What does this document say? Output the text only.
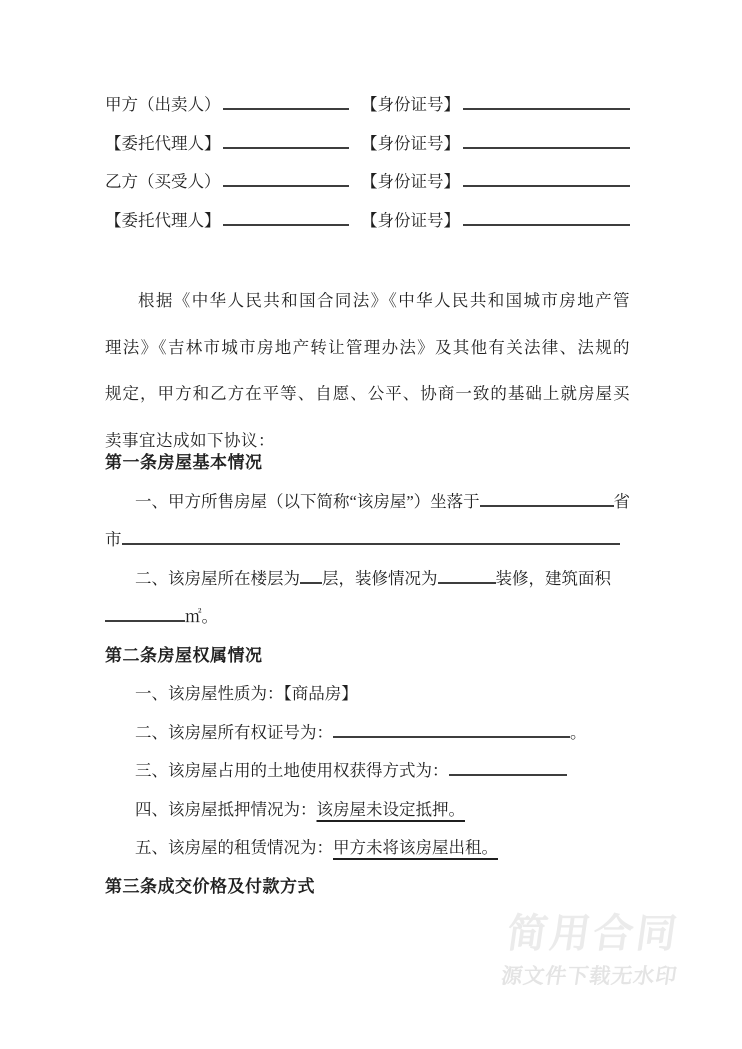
甲方（出卖人）	【身份证号】
【委托代理人】	【身份证号】
乙方（买受人）	【身份证号】
【委托代理人】	【身份证号】
根据《中华人民共和国合同法》《中华人民共和国城市房地产管
理法》《吉林市城市房地产转让管理办法》及其他有关法律、法规的
规定，甲方和乙方在平等、自愿、公平、协商一致的基础上就房屋买
卖事宜达成如下协议：
第一条房屋基本情况
一、甲方所售房屋（以下简称“该房屋”）坐落于	省
市
二、该房屋所在楼层为 层，装修情况为	装修，建筑面积
㎡。
第二条房屋权属情况
一、该房屋性质为：【商品房】
二、该房屋所有权证号为：	。
三、该房屋占用的土地使用权获得方式为：
四、该房屋抵押情况为： 该房屋未设定抵押。
五、该房屋的租赁情况为： 甲方未将该房屋出租。
第三条成交价格及付款方式
简用合同
源文件下载无水印
